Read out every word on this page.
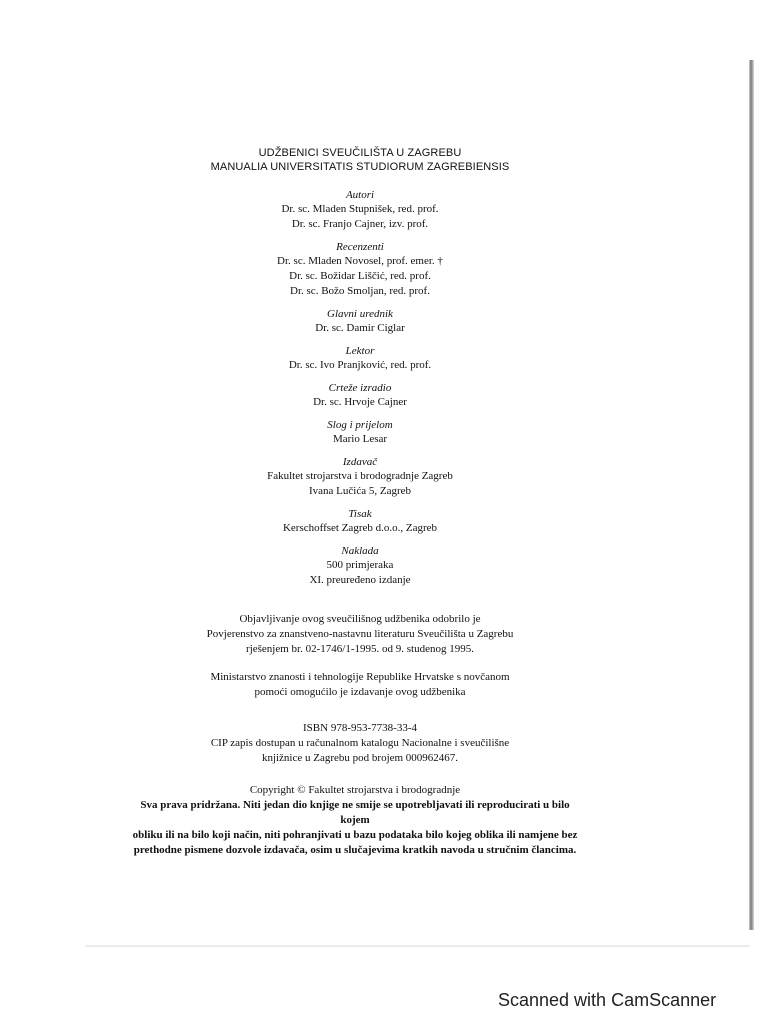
UDŽBENICI SVEUČILIŠTA U ZAGREBU
MANUALIA UNIVERSITATIS STUDIORUM ZAGREBIENSIS
Autori
Dr. sc. Mladen Stupnišek, red. prof.
Dr. sc. Franjo Cajner, izv. prof.
Recenzenti
Dr. sc. Mladen Novosel, prof. emer. †
Dr. sc. Božidar Liščić, red. prof.
Dr. sc. Božo Smoljan, red. prof.
Glavni urednik
Dr. sc. Damir Ciglar
Lektor
Dr. sc. Ivo Pranjković, red. prof.
Crteže izradio
Dr. sc. Hrvoje Cajner
Slog i prijelom
Mario Lesar
Izdavač
Fakultet strojarstva i brodogradnje Zagreb
Ivana Lučića 5, Zagreb
Tisak
Kerschoffset Zagreb d.o.o., Zagreb
Naklada
500 primjeraka
XI. preuređeno izdanje
Objavljivanje ovog sveučilišnog udžbenika odobrilo je
Povjerenstvo za znanstveno-nastavnu literaturu Sveučilišta u Zagrebu
rješenjem br. 02-1746/1-1995. od 9. studenog 1995.
Ministarstvo znanosti i tehnologije Republike Hrvatske s novčanom
pomoći omogućilo je izdavanje ovog udžbenika
ISBN 978-953-7738-33-4
CIP zapis dostupan u računalnom katalogu Nacionalne i sveučilišne
knjižnice u Zagrebu pod brojem 000962467.
Copyright © Fakultet strojarstva i brodogradnje
Sva prava pridržana. Niti jedan dio knjige ne smije se upotrebljavati ili reproducirati u bilo kojem
obliku ili na bilo koji način, niti pohranjivati u bazu podataka bilo kojeg oblika ili namjene bez
prethodne pismene dozvole izdavača, osim u slučajevima kratkih navoda u stručnim člancima.
Scanned with CamScanner
